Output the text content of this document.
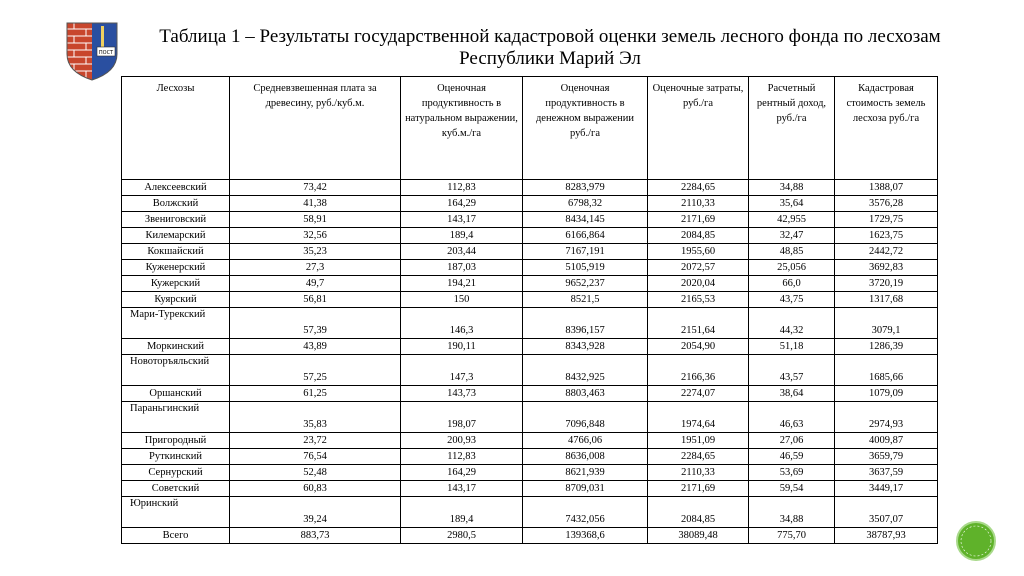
ПОСТ
Таблица 1 – Результаты государственной кадастровой оценки земель лесного фонда по лесхозам Республики Марий Эл
Лесхозы	Средневзвешенная плата за древесину, руб./куб.м.	Оценочная продуктивность в натуральном выражении, куб.м./га	Оценочная продуктивность в денежном выражении руб./га	Оценочные затраты, руб./га	Расчетный рентный доход, руб./га	Кадастровая стоимость земель лесхоза руб./га
Алексеевский	73,42	112,83	8283,979	2284,65	34,88	1388,07
Волжский	41,38	164,29	6798,32	2110,33	35,64	3576,28
Звениговский	58,91	143,17	8434,145	2171,69	42,955	1729,75
Килемарский	32,56	189,4	6166,864	2084,85	32,47	1623,75
Кокшайский	35,23	203,44	7167,191	1955,60	48,85	2442,72
Куженерский	27,3	187,03	5105,919	2072,57	25,056	3692,83
Кужерский	49,7	194,21	9652,237	2020,04	66,0	3720,19
Куярский	56,81	150	8521,5	2165,53	43,75	1317,68
Мари-Турекский	57,39	146,3	8396,157	2151,64	44,32	3079,1
Моркинский	43,89	190,11	8343,928	2054,90	51,18	1286,39
Новоторъяльский	57,25	147,3	8432,925	2166,36	43,57	1685,66
Оршанский	61,25	143,73	8803,463	2274,07	38,64	1079,09
Параньгинский	35,83	198,07	7096,848	1974,64	46,63	2974,93
Пригородный	23,72	200,93	4766,06	1951,09	27,06	4009,87
Руткинский	76,54	112,83	8636,008	2284,65	46,59	3659,79
Сернурский	52,48	164,29	8621,939	2110,33	53,69	3637,59
Советский	60,83	143,17	8709,031	2171,69	59,54	3449,17
Юринский	39,24	189,4	7432,056	2084,85	34,88	3507,07
Всего	883,73	2980,5	139368,6	38089,48	775,70	38787,93
